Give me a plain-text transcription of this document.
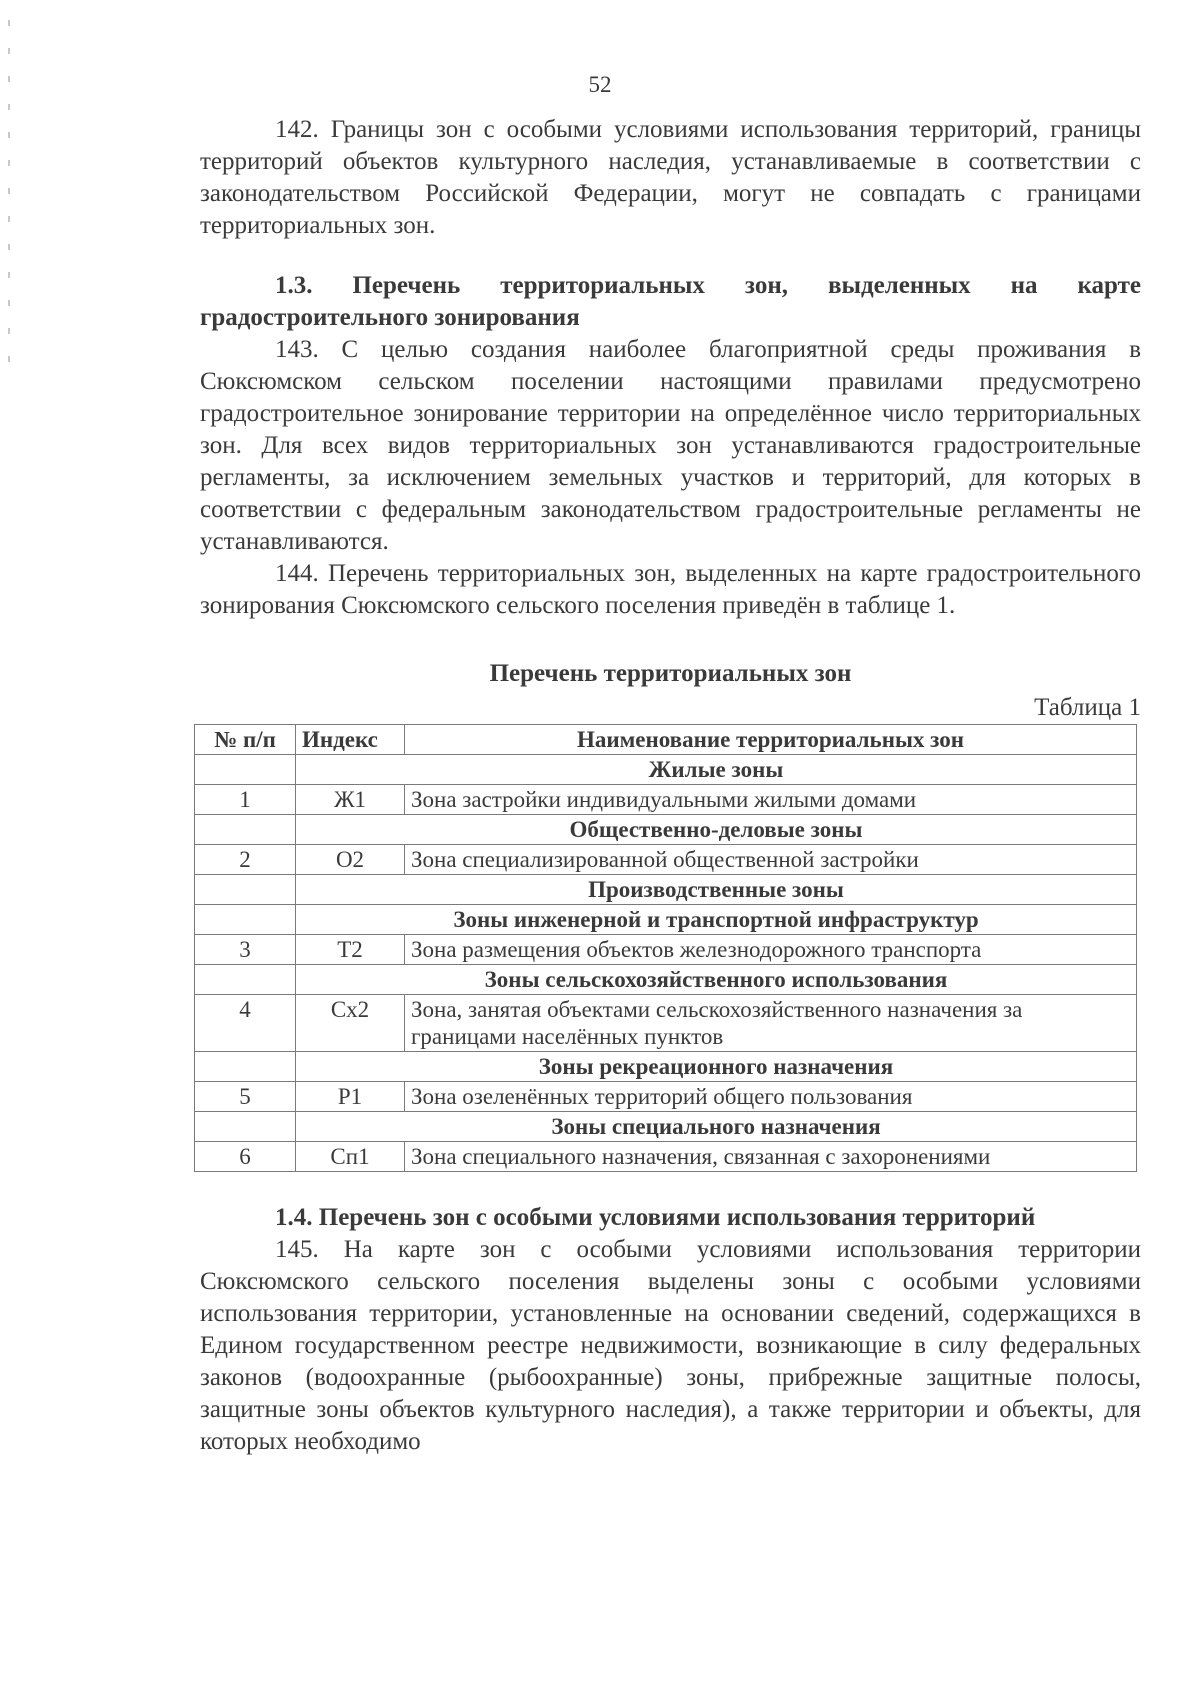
52

142. Границы зон с особыми условиями использования территорий, границы территорий объектов культурного наследия, устанавливаемые в соответствии с законодательством Российской Федерации, могут не совпадать с границами территориальных зон.

1.3. Перечень территориальных зон, выделенных на карте градостроительного зонирования

143. С целью создания наиболее благоприятной среды проживания в Сюксюмском сельском поселении настоящими правилами предусмотрено градостроительное зонирование территории на определённое число территориальных зон. Для всех видов территориальных зон устанавливаются градостроительные регламенты, за исключением земельных участков и территорий, для которых в соответствии с федеральным законодательством градостроительные регламенты не устанавливаются.

144. Перечень территориальных зон, выделенных на карте градостроительного зонирования Сюксюмского сельского поселения приведён в таблице 1.

Перечень территориальных зон
Таблица 1
№ п/п	Индекс	Наименование территориальных зон
	Жилые зоны	
1	Ж1	Зона застройки индивидуальными жилыми домами
	Общественно-деловые зоны	
2	О2	Зона специализированной общественной застройки
	Производственные зоны	
	Зоны инженерной и транспортной инфраструктур	
3	Т2	Зона размещения объектов железнодорожного транспорта
	Зоны сельскохозяйственного использования	
4	Сх2	Зона, занятая объектами сельскохозяйственного назначения за границами населённых пунктов
	Зоны рекреационного назначения	
5	Р1	Зона озеленённых территорий общего пользования
	Зоны специального назначения	
6	Сп1	Зона специального назначения, связанная с захоронениями

1.4. Перечень зон с особыми условиями использования территорий

145. На карте зон с особыми условиями использования территории Сюксюмского сельского поселения выделены зоны с особыми условиями использования территории, установленные на основании сведений, содержащихся в Едином государственном реестре недвижимости, возникающие в силу федеральных законов (водоохранные (рыбоохранные) зоны, прибрежные защитные полосы, защитные зоны объектов культурного наследия), а также территории и объекты, для которых необходимо
